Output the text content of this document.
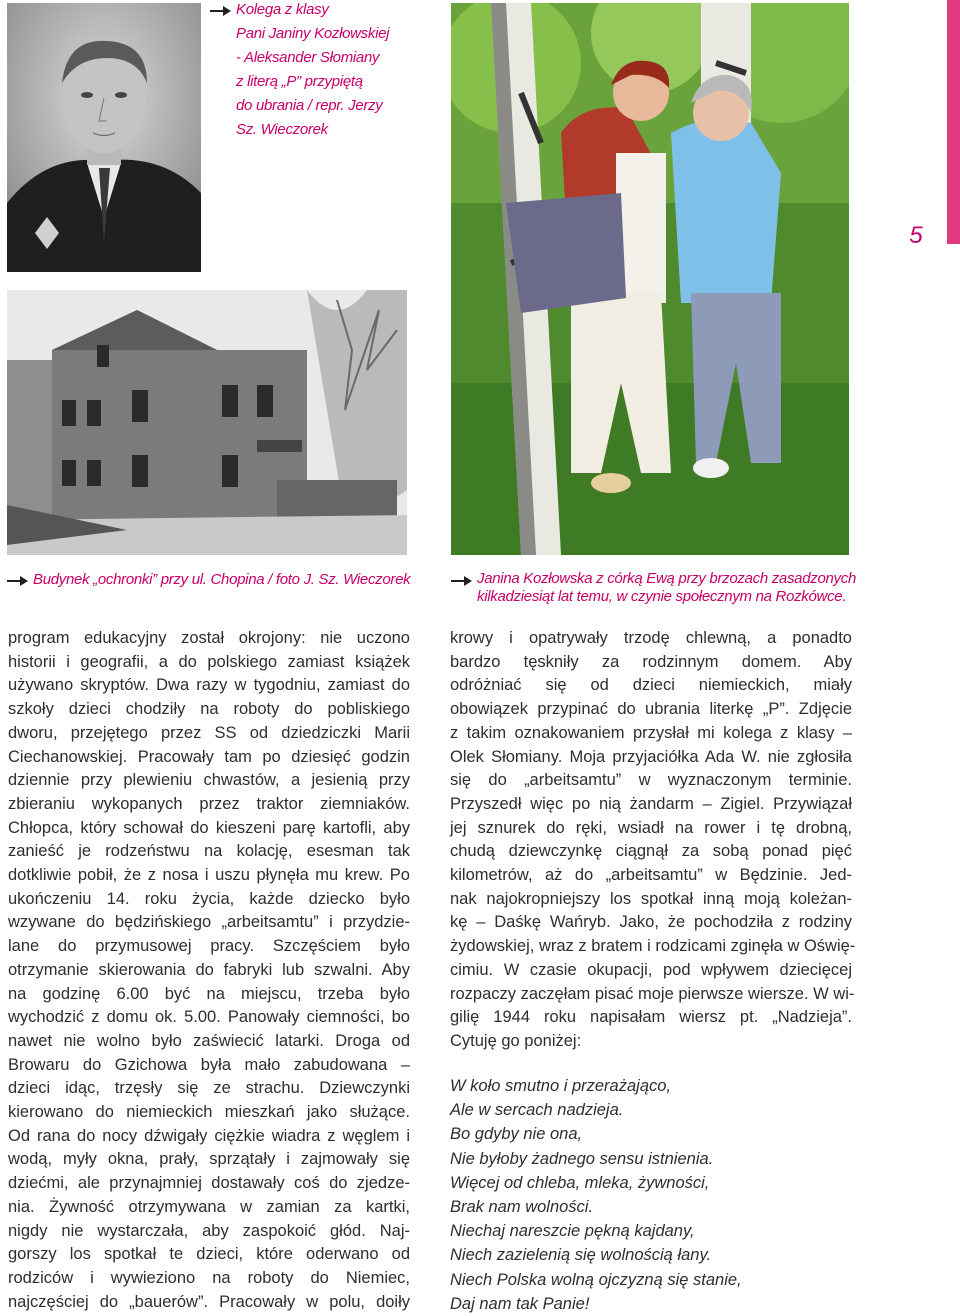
5
Kolega z klasy
Pani Janiny Kozłowskiej
- Aleksander Słomiany
z literą „P” przypiętą
do ubrania / repr. Jerzy
Sz. Wieczorek
Budynek „ochronki” przy ul. Chopina / foto J. Sz. Wieczorek	Janina Kozłowska z córką Ewą przy brzozach zasadzonych
kilkadziesiąt lat temu, w czynie społecznym na Rozkówce.
program edukacyjny został okrojony: nie uczono
historii i geografii, a do polskiego zamiast książek
używano skryptów. Dwa razy w tygodniu, zamiast do
szkoły dzieci chodziły na roboty do pobliskiego
dworu, przejętego przez SS od dziedziczki Marii
Ciechanowskiej. Pracowały tam po dziesięć godzin
dziennie przy plewieniu chwastów, a jesienią przy
zbieraniu wykopanych przez traktor ziemniaków.
Chłopca, który schował do kieszeni parę kartofli, aby
zanieść je rodzeństwu na kolację, esesman tak
dotkliwie pobił, że z nosa i uszu płynęła mu krew. Po
ukończeniu 14. roku życia, każde dziecko było
wzywane do będzińskiego „arbeitsamtu” i przydzie-
lane do przymusowej pracy. Szczęściem było
otrzymanie skierowania do fabryki lub szwalni. Aby
na godzinę 6.00 być na miejscu, trzeba było
wychodzić z domu ok. 5.00. Panowały ciemności, bo
nawet nie wolno było zaświecić latarki. Droga od
Browaru do Gzichowa była mało zabudowana –
dzieci idąc, trzęsły się ze strachu. Dziewczynki
kierowano do niemieckich mieszkań jako służące.
Od rana do nocy dźwigały ciężkie wiadra z węglem i
wodą, myły okna, prały, sprzątały i zajmowały się
dziećmi, ale przynajmniej dostawały coś do zjedze-
nia. Żywność otrzymywana w zamian za kartki,
nigdy nie wystarczała, aby zaspokoić głód. Naj-
gorszy los spotkał te dzieci, które oderwano od
rodziców i wywieziono na roboty do Niemiec,
najczęściej do „bauerów”. Pracowały w polu, doiły
krowy i opatrywały trzodę chlewną, a ponadto
bardzo tęskniły za rodzinnym domem. Aby
odróżniać się od dzieci niemieckich, miały
obowiązek przypinać do ubrania literkę „P”. Zdjęcie
z takim oznakowaniem przysłał mi kolega z klasy –
Olek Słomiany. Moja przyjaciółka Ada W. nie zgłosiła
się do „arbeitsamtu” w wyznaczonym terminie.
Przyszedł więc po nią żandarm – Zigiel. Przywiązał
jej sznurek do ręki, wsiadł na rower i tę drobną,
chudą dziewczynkę ciągnął za sobą ponad pięć
kilometrów, aż do „arbeitsamtu” w Będzinie. Jed-
nak najokropniejszy los spotkał inną moją koleżan-
kę – Daśkę Wańryb. Jako, że pochodziła z rodziny
żydowskiej, wraz z bratem i rodzicami zginęła w Oświę-
cimiu. W czasie okupacji, pod wpływem dziecięcej
rozpaczy zaczęłam pisać moje pierwsze wiersze. W wi-
gilię 1944 roku napisałam wiersz pt. „Nadzieja”.
Cytuję go poniżej:
W koło smutno i przerażająco,
Ale w sercach nadzieja.
Bo gdyby nie ona,
Nie byłoby żadnego sensu istnienia.
Więcej od chleba, mleka, żywności,
Brak nam wolności.
Niechaj nareszcie pękną kajdany,
Niech zazielenią się wolnością łany.
Niech Polska wolną ojczyzną się stanie,
Daj nam tak Panie!
